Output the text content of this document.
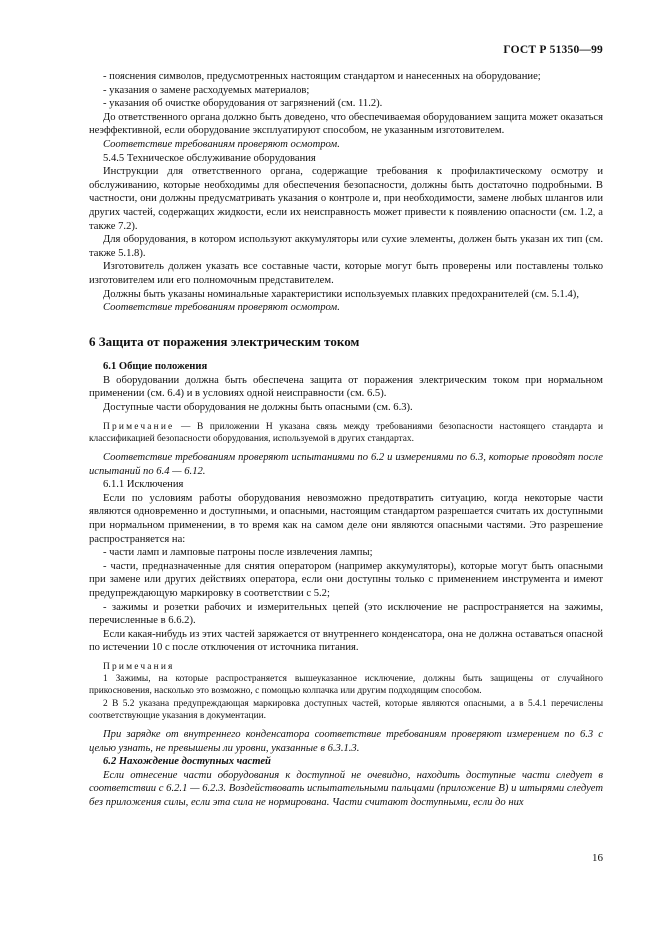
ГОСТ Р 51350—99

- пояснения символов, предусмотренных настоящим стандартом и нанесенных на оборудование;

- указания о замене расходуемых материалов;

- указания об очистке оборудования от загрязнений (см. 11.2).

До ответственного органа должно быть доведено, что обеспечиваемая оборудованием защита может оказаться неэффективной, если оборудование эксплуатируют способом, не указанным изготовителем.

Соответствие требованиям проверяют осмотром.

5.4.5 Техническое обслуживание оборудования

Инструкции для ответственного органа, содержащие требования к профилактическому осмотру и обслуживанию, которые необходимы для обеспечения безопасности, должны быть достаточно подробными. В частности, они должны предусматривать указания о контроле и, при необходимости, замене любых шлангов или других частей, содержащих жидкости, если их неисправность может привести к появлению опасности (см. 1.2, а также 7.2).

Для оборудования, в котором используют аккумуляторы или сухие элементы, должен быть указан их тип (см. также 5.1.8).

Изготовитель должен указать все составные части, которые могут быть проверены или поставлены только изготовителем или его полномочным представителем.

Должны быть указаны номинальные характеристики используемых плавких предохранителей (см. 5.1.4),

Соответствие требованиям проверяют осмотром.

6 Защита от поражения электрическим током

6.1 Общие положения

В оборудовании должна быть обеспечена защита от поражения электрическим током при нормальном применении (см. 6.4) и в условиях одной неисправности (см. 6.5).

Доступные части оборудования не должны быть опасными (см. 6.3).

Примечание — В приложении Н указана связь между требованиями безопасности настоящего стандарта и классификацией безопасности оборудования, используемой в других стандартах.

Соответствие требованиям проверяют испытаниями по 6.2 и измерениями по 6.3, которые проводят после испытаний по 6.4 — 6.12.

6.1.1 Исключения

Если по условиям работы оборудования невозможно предотвратить ситуацию, когда некоторые части являются одновременно и доступными, и опасными, настоящим стандартом разрешается считать их доступными при нормальном применении, в то время как на самом деле они являются опасными частями. Это разрешение распространяется на:

- части ламп и ламповые патроны после извлечения лампы;

- части, предназначенные для снятия оператором (например аккумуляторы), которые могут быть опасными при замене или других действиях оператора, если они доступны только с применением инструмента и имеют предупреждающую маркировку в соответствии с 5.2;

- зажимы и розетки рабочих и измерительных цепей (это исключение не распространяется на зажимы, перечисленные в 6.6.2).

Если какая-нибудь из этих частей заряжается от внутреннего конденсатора, она не должна оставаться опасной по истечении 10 с после отключения от источника питания.

Примечания

1 Зажимы, на которые распространяется вышеуказанное исключение, должны быть защищены от случайного прикосновения, насколько это возможно, с помощью колпачка или другим подходящим способом.

2 В 5.2 указана предупреждающая маркировка доступных частей, которые являются опасными, а в 5.4.1 перечислены соответствующие указания в документации.

При зарядке от внутреннего конденсатора соответствие требованиям проверяют измерением по 6.3 с целью узнать, не превышены ли уровни, указанные в 6.3.1.3.

6.2 Нахождение доступных частей

Если отнесение части оборудования к доступной не очевидно, находить доступные части следует в соответствии с 6.2.1 — 6.2.3. Воздействовать испытательными пальцами (приложение В) и штырями следует без приложения силы, если эта сила не нормирована. Части считают доступными, если до них

16
